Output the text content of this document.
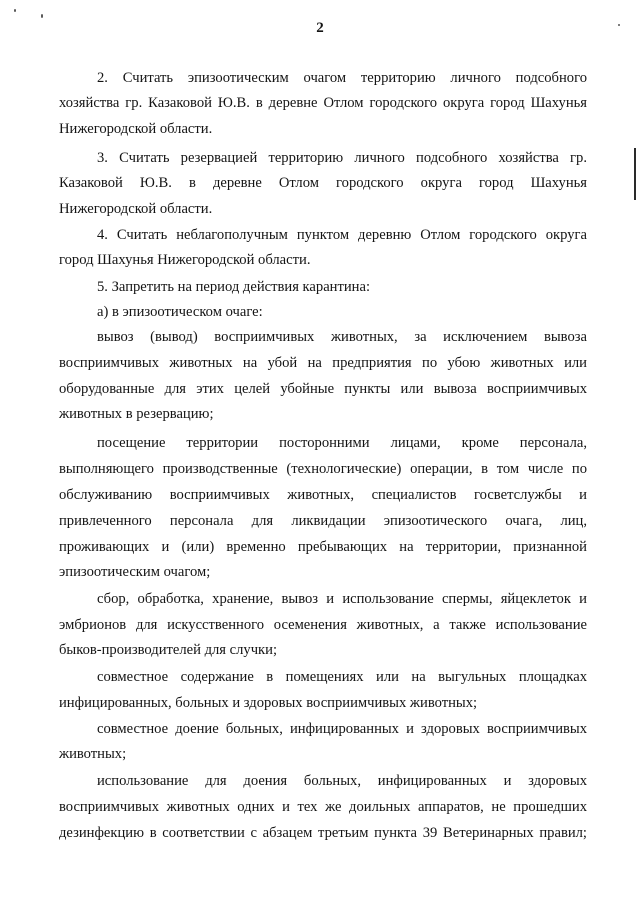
2
2. Считать эпизоотическим очагом территорию личного подсобного
хозяйства гр. Казаковой Ю.В. в деревне Отлом городского округа город Шахунья
Нижегородской области.
3. Считать резервацией территорию личного подсобного хозяйства гр.
Казаковой Ю.В. в деревне Отлом городского округа город Шахунья
Нижегородской области.
4. Считать неблагополучным пунктом деревню Отлом городского округа
город Шахунья Нижегородской области.
5. Запретить на период действия карантина:
а) в эпизоотическом очаге:
вывоз (вывод) восприимчивых животных, за исключением вывоза
восприимчивых животных на убой на предприятия по убою животных или
оборудованные для этих целей убойные пункты или вывоза восприимчивых
животных в резервацию;
посещение территории посторонними лицами, кроме персонала,
выполняющего производственные (технологические) операции, в том числе по
обслуживанию восприимчивых животных, специалистов госветслужбы и
привлеченного персонала для ликвидации эпизоотического очага, лиц,
проживающих и (или) временно пребывающих на территории, признанной
эпизоотическим очагом;
сбор, обработка, хранение, вывоз и использование спермы, яйцеклеток и
эмбрионов для искусственного осеменения животных, а также использование
быков-производителей для случки;
совместное содержание в помещениях или на выгульных площадках
инфицированных, больных и здоровых восприимчивых животных;
совместное доение больных, инфицированных и здоровых восприимчивых
животных;
использование для доения больных, инфицированных и здоровых
восприимчивых животных одних и тех же доильных аппаратов, не прошедших
дезинфекцию в соответствии с абзацем третьим пункта 39 Ветеринарных правил;
